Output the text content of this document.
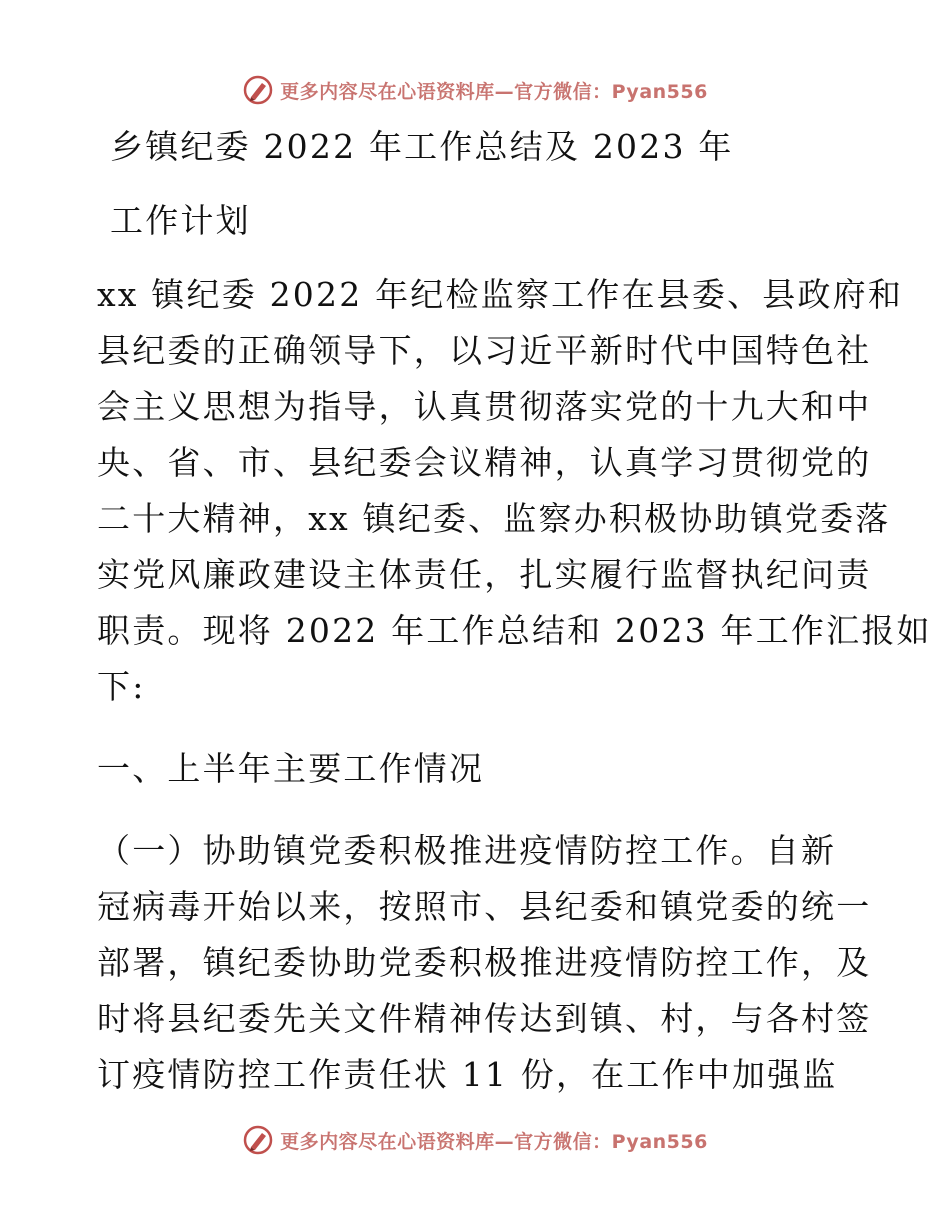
更多内容尽在心语资料库—官方微信：Pyan556
乡镇纪委 2022 年工作总结及 2023 年
工作计划
xx 镇纪委 2022 年纪检监察工作在县委、县政府和
县纪委的正确领导下，以习近平新时代中国特色社
会主义思想为指导，认真贯彻落实党的十九大和中
央、省、市、县纪委会议精神，认真学习贯彻党的
二十大精神，xx 镇纪委、监察办积极协助镇党委落
实党风廉政建设主体责任，扎实履行监督执纪问责
职责。现将 2022 年工作总结和 2023 年工作汇报如
下:
一、上半年主要工作情况
（一）协助镇党委积极推进疫情防控工作。自新
冠病毒开始以来，按照市、县纪委和镇党委的统一
部署，镇纪委协助党委积极推进疫情防控工作，及
时将县纪委先关文件精神传达到镇、村，与各村签
订疫情防控工作责任状 11 份，在工作中加强监
更多内容尽在心语资料库—官方微信：Pyan556
